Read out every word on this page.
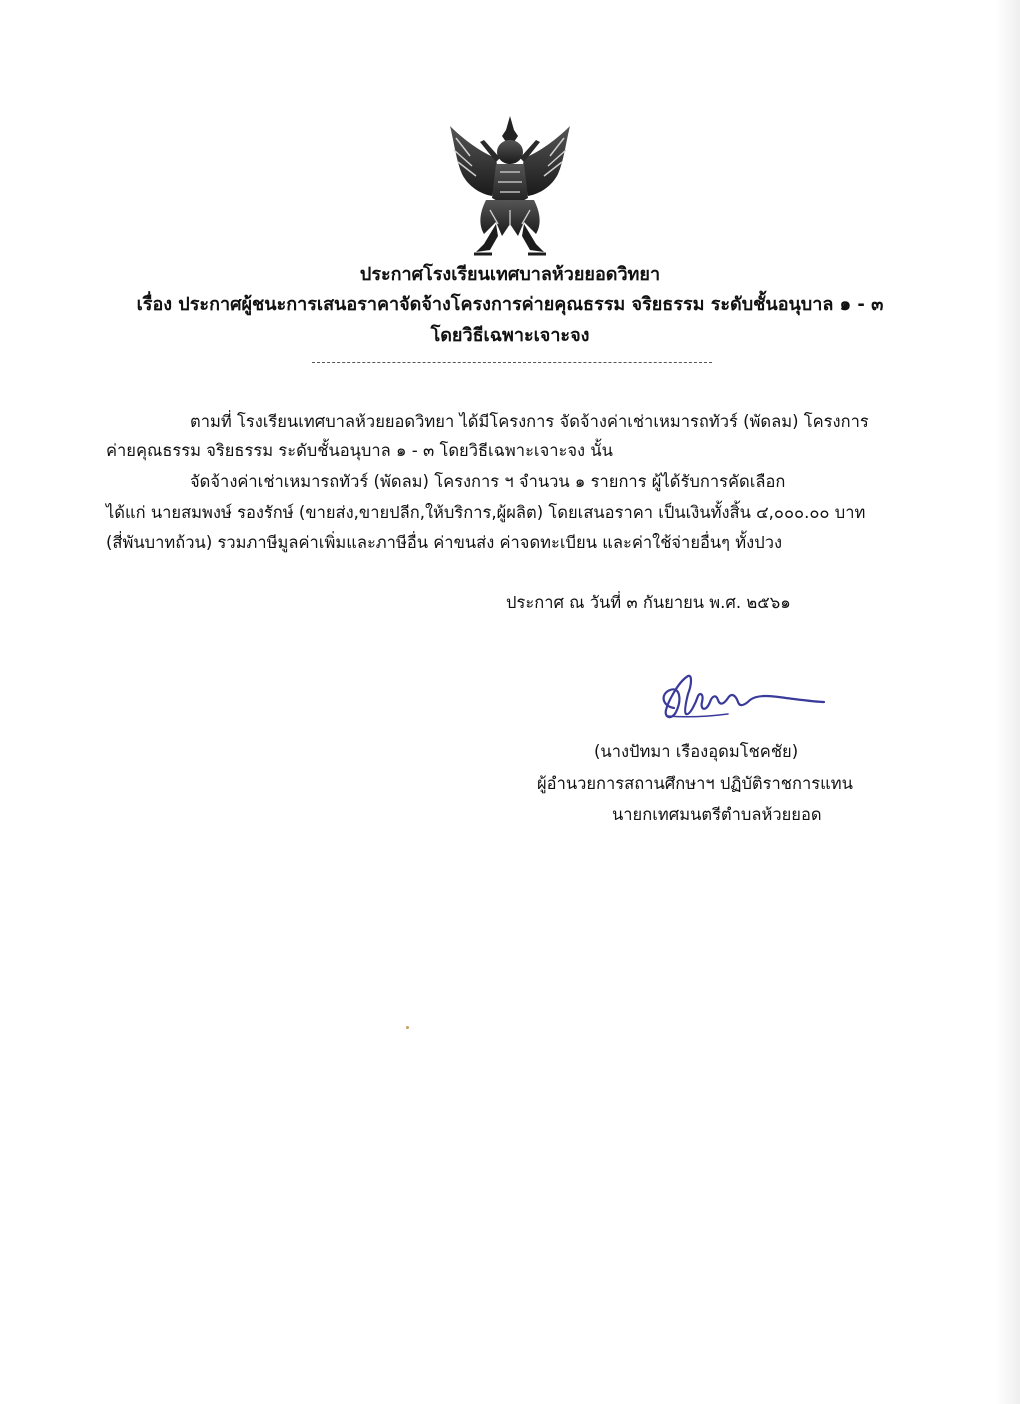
ประกาศโรงเรียนเทศบาลห้วยยอดวิทยา
เรื่อง ประกาศผู้ชนะการเสนอราคาจัดจ้างโครงการค่ายคุณธรรม จริยธรรม ระดับชั้นอนุบาล ๑ - ๓
โดยวิธีเฉพาะเจาะจง
ตามที่ โรงเรียนเทศบาลห้วยยอดวิทยา ได้มีโครงการ จัดจ้างค่าเช่าเหมารถทัวร์ (พัดลม) โครงการ
ค่ายคุณธรรม จริยธรรม ระดับชั้นอนุบาล ๑ - ๓ โดยวิธีเฉพาะเจาะจง นั้น
จัดจ้างค่าเช่าเหมารถทัวร์ (พัดลม) โครงการ ฯ จำนวน ๑ รายการ ผู้ได้รับการคัดเลือก
ได้แก่ นายสมพงษ์ รองรักษ์ (ขายส่ง,ขายปลีก,ให้บริการ,ผู้ผลิต) โดยเสนอราคา เป็นเงินทั้งสิ้น ๔,๐๐๐.๐๐ บาท
(สี่พันบาทถ้วน) รวมภาษีมูลค่าเพิ่มและภาษีอื่น ค่าขนส่ง ค่าจดทะเบียน และค่าใช้จ่ายอื่นๆ ทั้งปวง
ประกาศ ณ วันที่ ๓ กันยายน พ.ศ. ๒๕๖๑
(นางปัทมา เรืองอุดมโชคชัย)
ผู้อำนวยการสถานศึกษาฯ ปฏิบัติราชการแทน
นายกเทศมนตรีตำบลห้วยยอด
